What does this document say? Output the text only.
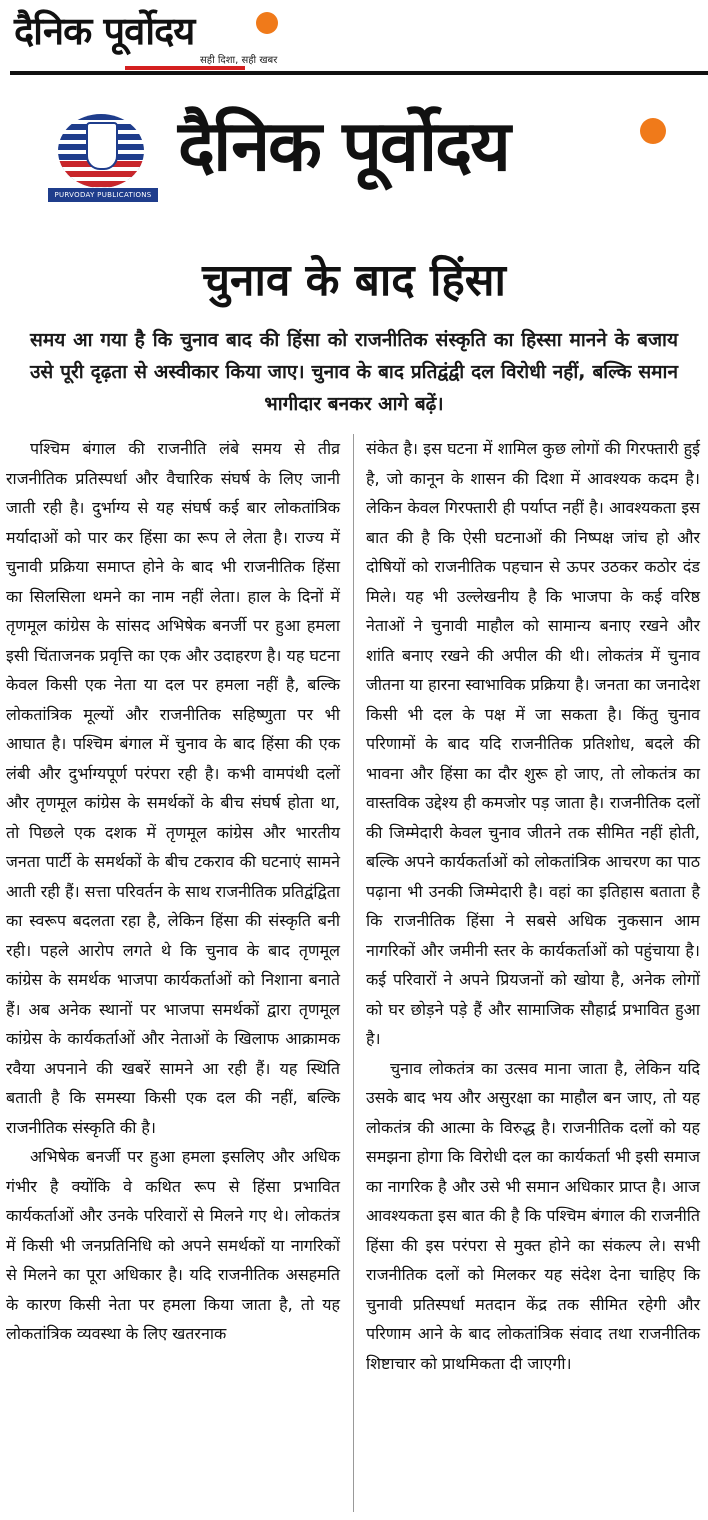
दैनिक पूर्वोदय
सही दिशा, सही खबर
PURVODAY PUBLICATIONS
दैनिक पूर्वोदय
चुनाव के बाद हिंसा
समय आ गया है कि चुनाव बाद की हिंसा को राजनीतिक संस्कृति का हिस्सा मानने के बजाय उसे पूरी दृढ़ता से अस्वीकार किया जाए। चुनाव के बाद प्रतिद्वंद्वी दल विरोधी नहीं, बल्कि समान भागीदार बनकर आगे बढ़ें।

पश्चिम बंगाल की राजनीति लंबे समय से तीव्र राजनीतिक प्रतिस्पर्धा और वैचारिक संघर्ष के लिए जानी जाती रही है। दुर्भाग्य से यह संघर्ष कई बार लोकतांत्रिक मर्यादाओं को पार कर हिंसा का रूप ले लेता है। राज्य में चुनावी प्रक्रिया समाप्त होने के बाद भी राजनीतिक हिंसा का सिलसिला थमने का नाम नहीं लेता। हाल के दिनों में तृणमूल कांग्रेस के सांसद अभिषेक बनर्जी पर हुआ हमला इसी चिंताजनक प्रवृत्ति का एक और उदाहरण है। यह घटना केवल किसी एक नेता या दल पर हमला नहीं है, बल्कि लोकतांत्रिक मूल्यों और राजनीतिक सहिष्णुता पर भी आघात है। पश्चिम बंगाल में चुनाव के बाद हिंसा की एक लंबी और दुर्भाग्यपूर्ण परंपरा रही है। कभी वामपंथी दलों और तृणमूल कांग्रेस के समर्थकों के बीच संघर्ष होता था, तो पिछले एक दशक में तृणमूल कांग्रेस और भारतीय जनता पार्टी के समर्थकों के बीच टकराव की घटनाएं सामने आती रही हैं। सत्ता परिवर्तन के साथ राजनीतिक प्रतिद्वंद्विता का स्वरूप बदलता रहा है, लेकिन हिंसा की संस्कृति बनी रही। पहले आरोप लगते थे कि चुनाव के बाद तृणमूल कांग्रेस के समर्थक भाजपा कार्यकर्ताओं को निशाना बनाते हैं। अब अनेक स्थानों पर भाजपा समर्थकों द्वारा तृणमूल कांग्रेस के कार्यकर्ताओं और नेताओं के खिलाफ आक्रामक रवैया अपनाने की खबरें सामने आ रही हैं। यह स्थिति बताती है कि समस्या किसी एक दल की नहीं, बल्कि राजनीतिक संस्कृति की है।

अभिषेक बनर्जी पर हुआ हमला इसलिए और अधिक गंभीर है क्योंकि वे कथित रूप से हिंसा प्रभावित कार्यकर्ताओं और उनके परिवारों से मिलने गए थे। लोकतंत्र में किसी भी जनप्रतिनिधि को अपने समर्थकों या नागरिकों से मिलने का पूरा अधिकार है। यदि राजनीतिक असहमति के कारण किसी नेता पर हमला किया जाता है, तो यह लोकतांत्रिक व्यवस्था के लिए खतरनाक

संकेत है। इस घटना में शामिल कुछ लोगों की गिरफ्तारी हुई है, जो कानून के शासन की दिशा में आवश्यक कदम है। लेकिन केवल गिरफ्तारी ही पर्याप्त नहीं है। आवश्यकता इस बात की है कि ऐसी घटनाओं की निष्पक्ष जांच हो और दोषियों को राजनीतिक पहचान से ऊपर उठकर कठोर दंड मिले। यह भी उल्लेखनीय है कि भाजपा के कई वरिष्ठ नेताओं ने चुनावी माहौल को सामान्य बनाए रखने और शांति बनाए रखने की अपील की थी। लोकतंत्र में चुनाव जीतना या हारना स्वाभाविक प्रक्रिया है। जनता का जनादेश किसी भी दल के पक्ष में जा सकता है। किंतु चुनाव परिणामों के बाद यदि राजनीतिक प्रतिशोध, बदले की भावना और हिंसा का दौर शुरू हो जाए, तो लोकतंत्र का वास्तविक उद्देश्य ही कमजोर पड़ जाता है। राजनीतिक दलों की जिम्मेदारी केवल चुनाव जीतने तक सीमित नहीं होती, बल्कि अपने कार्यकर्ताओं को लोकतांत्रिक आचरण का पाठ पढ़ाना भी उनकी जिम्मेदारी है। वहां का इतिहास बताता है कि राजनीतिक हिंसा ने सबसे अधिक नुकसान आम नागरिकों और जमीनी स्तर के कार्यकर्ताओं को पहुंचाया है। कई परिवारों ने अपने प्रियजनों को खोया है, अनेक लोगों को घर छोड़ने पड़े हैं और सामाजिक सौहार्द्र प्रभावित हुआ है।

चुनाव लोकतंत्र का उत्सव माना जाता है, लेकिन यदि उसके बाद भय और असुरक्षा का माहौल बन जाए, तो यह लोकतंत्र की आत्मा के विरुद्ध है। राजनीतिक दलों को यह समझना होगा कि विरोधी दल का कार्यकर्ता भी इसी समाज का नागरिक है और उसे भी समान अधिकार प्राप्त है। आज आवश्यकता इस बात की है कि पश्चिम बंगाल की राजनीति हिंसा की इस परंपरा से मुक्त होने का संकल्प ले। सभी राजनीतिक दलों को मिलकर यह संदेश देना चाहिए कि चुनावी प्रतिस्पर्धा मतदान केंद्र तक सीमित रहेगी और परिणाम आने के बाद लोकतांत्रिक संवाद तथा राजनीतिक शिष्टाचार को प्राथमिकता दी जाएगी।
